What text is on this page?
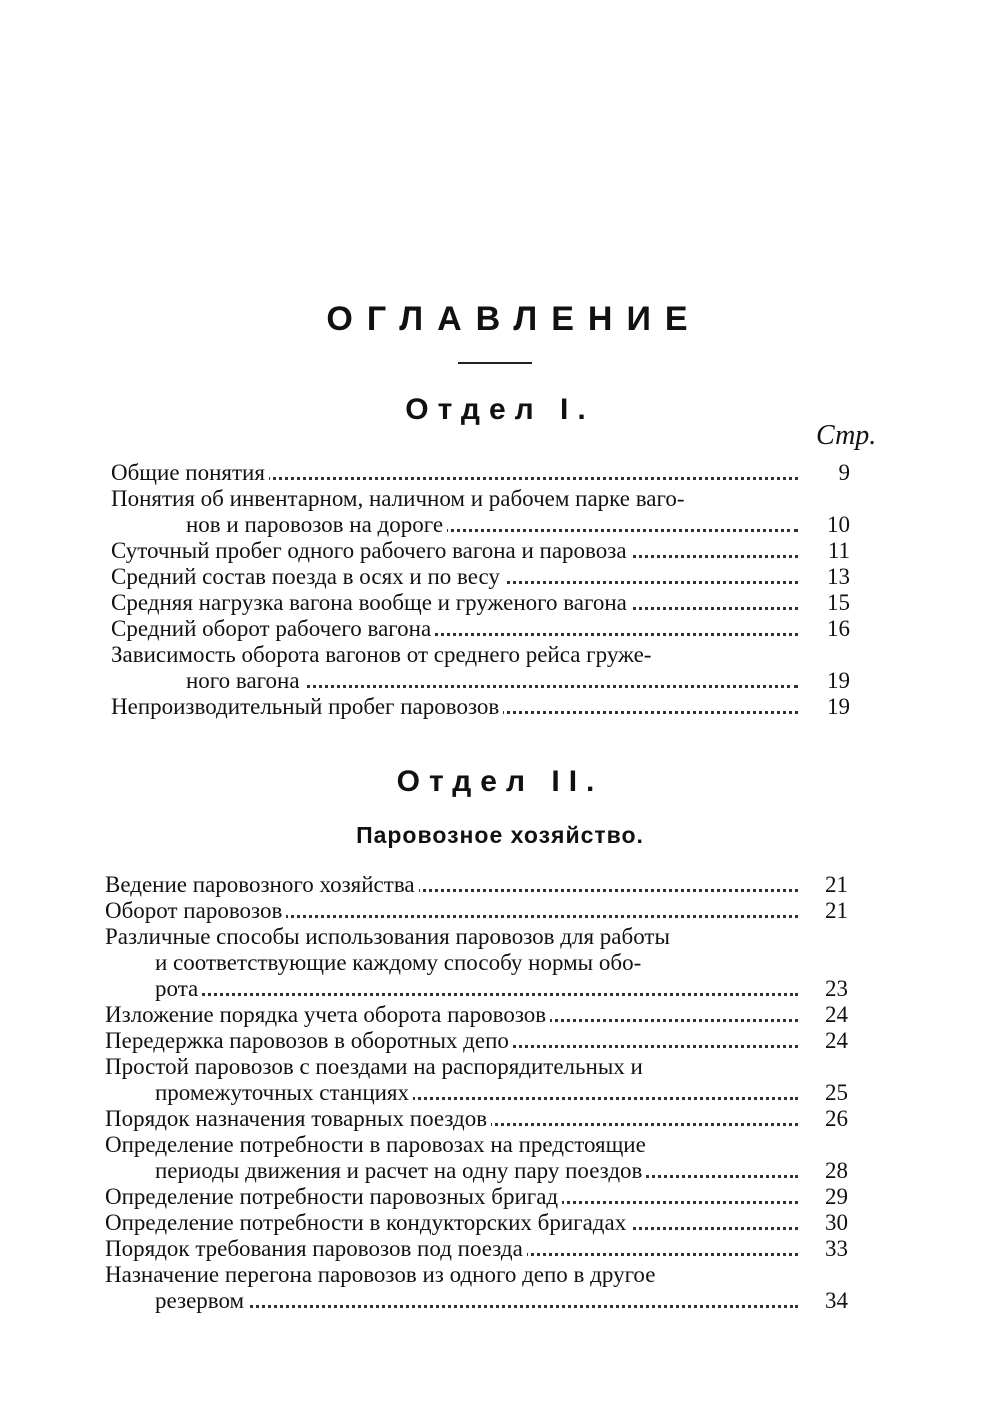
ОГЛАВЛЕНИЕ
Отдел I.
Стр.
Общие понятия	9
Понятия об инвентарном, наличном и рабочем парке ваго-
нов и паровозов на дороге	10
Суточный пробег одного рабочего вагона и паровоза	11
Средний состав поезда в осях и по весу	13
Средняя нагрузка вагона вообще и груженого вагона	15
Средний оборот рабочего вагона	16
Зависимость оборота вагонов от среднего рейса груже-
ного вагона	19
Непроизводительный пробег паровозов	19
Отдел II.
Паровозное хозяйство.
Ведение паровозного хозяйства	21
Оборот паровозов	21
Различные способы использования паровозов для работы
и соответствующие каждому способу нормы обо-
рота	23
Изложение порядка учета оборота паровозов	24
Передержка паровозов в оборотных депо	24
Простой паровозов с поездами на распорядительных и
промежуточных станциях	25
Порядок назначения товарных поездов	26
Определение потребности в паровозах на предстоящие
периоды движения и расчет на одну пару поездов	28
Определение потребности паровозных бригад	29
Определение потребности в кондукторских бригадах	30
Порядок требования паровозов под поезда	33
Назначение перегона паровозов из одного депо в другое
резервом	34
